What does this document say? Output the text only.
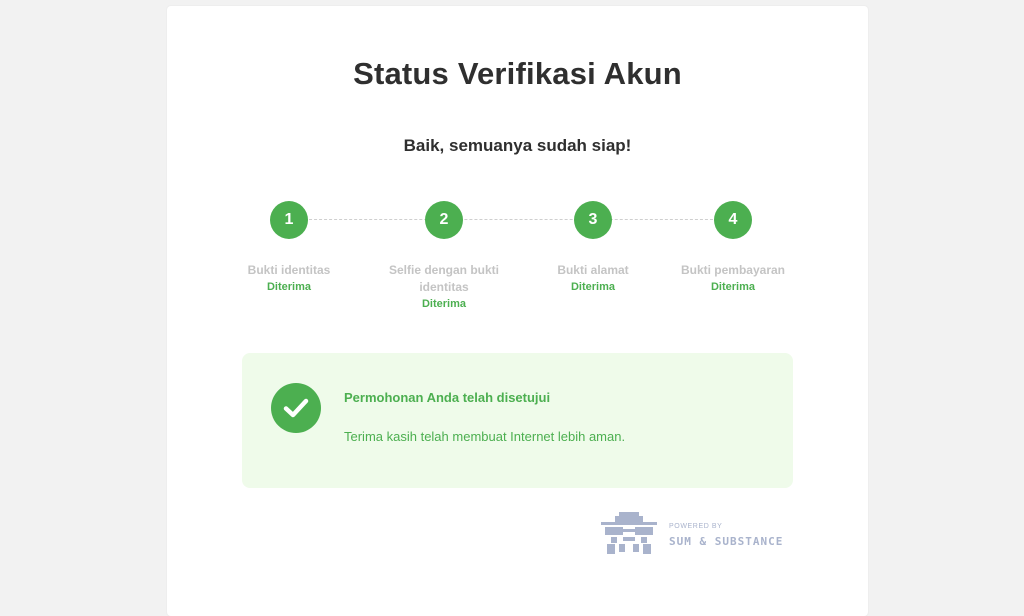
Status Verifikasi Akun
Baik, semuanya sudah siap!
1	2	3	4
Bukti identitas
Diterima
Selfie dengan bukti identitas
Diterima
Bukti alamat
Diterima
Bukti pembayaran
Diterima
Permohonan Anda telah disetujui
Terima kasih telah membuat Internet lebih aman.
POWERED BY
SUM & SUBSTANCE
